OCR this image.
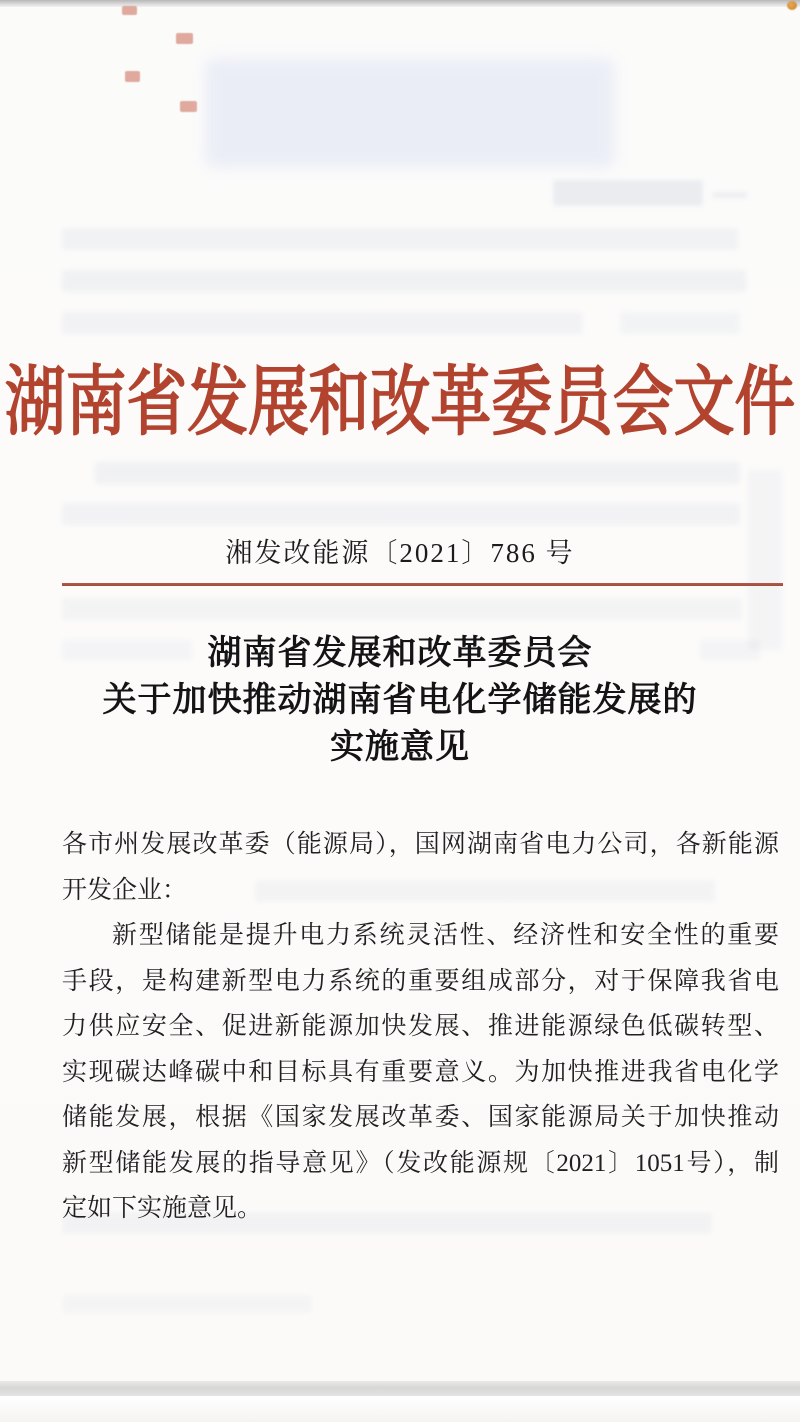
湖南省发展和改革委员会文件
湘发改能源〔2021〕786 号
湖南省发展和改革委员会
关于加快推动湖南省电化学储能发展的
实施意见
各市州发展改革委（能源局），国网湖南省电力公司，各新能源
开发企业：
新型储能是提升电力系统灵活性、经济性和安全性的重要
手段，是构建新型电力系统的重要组成部分，对于保障我省电
力供应安全、促进新能源加快发展、推进能源绿色低碳转型、
实现碳达峰碳中和目标具有重要意义。为加快推进我省电化学
储能发展，根据《国家发展改革委、国家能源局关于加快推动
新型储能发展的指导意见》（发改能源规〔2021〕1051号），制
定如下实施意见。
